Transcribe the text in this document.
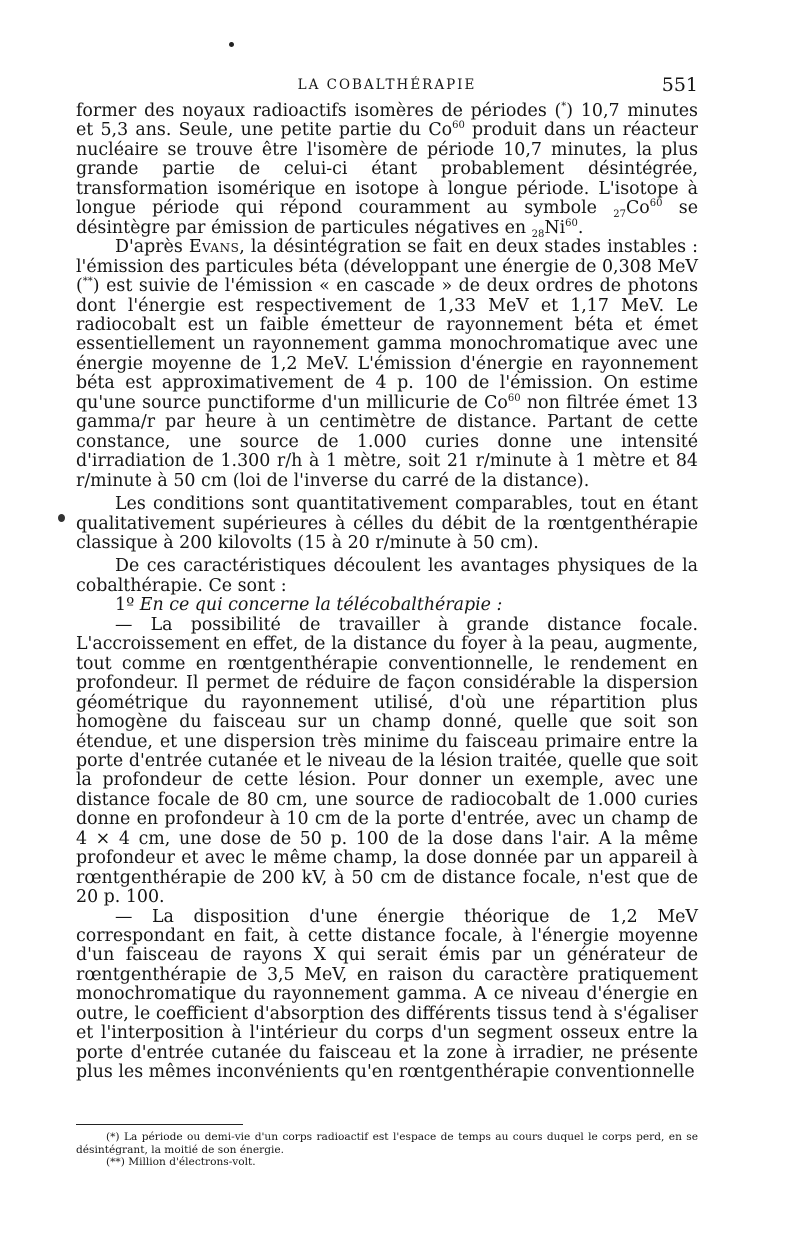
LA COBALTHÉRAPIE	551

former des noyaux radioactifs isomères de périodes (*) 10,7 minutes et 5,3 ans. Seule, une petite partie du Co$^{60}$ produit dans un réacteur nucléaire se trouve être l'isomère de période 10,7 minutes, la plus grande partie de celui-ci étant probablement désintégrée, transformation isomérique en isotope à longue période. L'isotope à longue période qui répond couramment au symbole $_{27}Co^{60}$ se désintègre par émission de particules négatives en $_{28}Ni^{60}$.

D'après Evans, la désintégration se fait en deux stades instables : l'émission des particules béta (développant une énergie de 0,308 MeV (**) est suivie de l'émission « en cascade » de deux ordres de photons dont l'énergie est respectivement de 1,33 MeV et 1,17 MeV. Le radiocobalt est un faible émetteur de rayonnement béta et émet essentiellement un rayonnement gamma monochromatique avec une énergie moyenne de 1,2 MeV. L'émission d'énergie en rayonnement béta est approximativement de 4 p. 100 de l'émission. On estime qu'une source punctiforme d'un millicurie de Co$^{60}$ non filtrée émet 13 gamma/r par heure à un centimètre de distance. Partant de cette constance, une source de 1.000 curies donne une intensité d'irradiation de 1.300 r/h à 1 mètre, soit 21 r/minute à 1 mètre et 84 r/minute à 50 cm (loi de l'inverse du carré de la distance).

Les conditions sont quantitativement comparables, tout en étant qualitativement supérieures à célles du débit de la rœntgenthérapie classique à 200 kilovolts (15 à 20 r/minute à 50 cm).

De ces caractéristiques découlent les avantages physiques de la cobalthérapie. Ce sont :

1º En ce qui concerne la télécobalthérapie :

— La possibilité de travailler à grande distance focale. L'accroissement en effet, de la distance du foyer à la peau, augmente, tout comme en rœntgenthérapie conventionnelle, le rendement en profondeur. Il permet de réduire de façon considérable la dispersion géométrique du rayonnement utilisé, d'où une répartition plus homogène du faisceau sur un champ donné, quelle que soit son étendue, et une dispersion très minime du faisceau primaire entre la porte d'entrée cutanée et le niveau de la lésion traitée, quelle que soit la profondeur de cette lésion. Pour donner un exemple, avec une distance focale de 80 cm, une source de radiocobalt de 1.000 curies donne en profondeur à 10 cm de la porte d'entrée, avec un champ de 4 × 4 cm, une dose de 50 p. 100 de la dose dans l'air. A la même profondeur et avec le même champ, la dose donnée par un appareil à rœntgenthérapie de 200 kV, à 50 cm de distance focale, n'est que de 20 p. 100.

— La disposition d'une énergie théorique de 1,2 MeV correspondant en fait, à cette distance focale, à l'énergie moyenne d'un faisceau de rayons X qui serait émis par un générateur de rœntgenthérapie de 3,5 MeV, en raison du caractère pratiquement monochromatique du rayonnement gamma. A ce niveau d'énergie en outre, le coefficient d'absorption des différents tissus tend à s'égaliser et l'interposition à l'intérieur du corps d'un segment osseux entre la porte d'entrée cutanée du faisceau et la zone à irradier, ne présente plus les mêmes inconvénients qu'en rœntgenthérapie conventionnelle

(*) La période ou demi-vie d'un corps radioactif est l'espace de temps au cours duquel le corps perd, en se désintégrant, la moitié de son énergie.

(**) Million d'électrons-volt.
